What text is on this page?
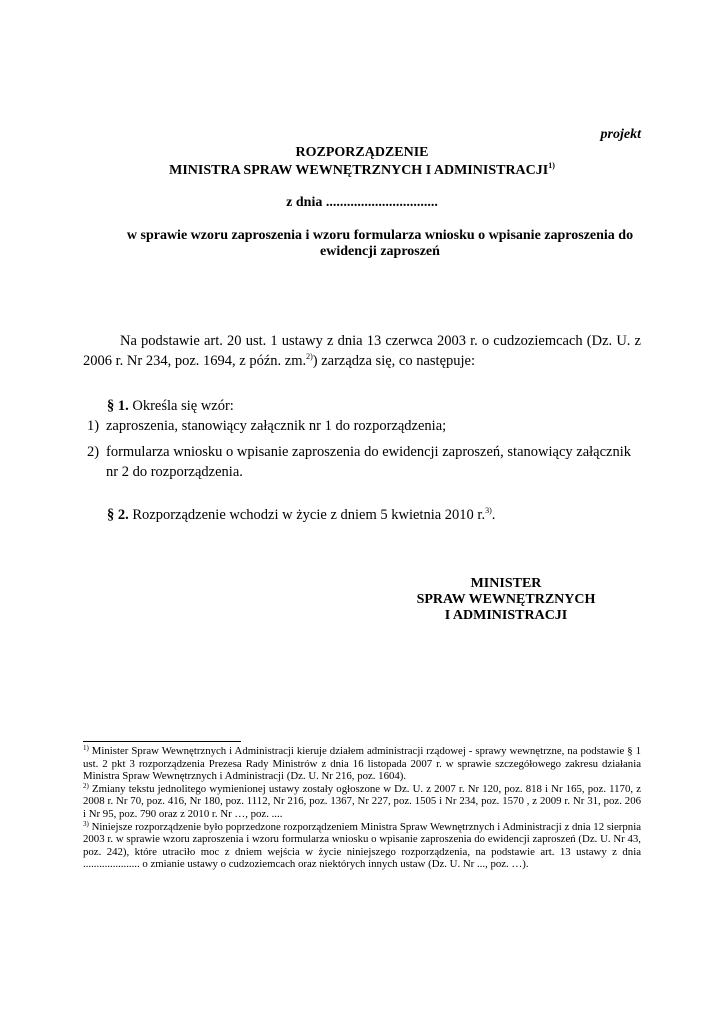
projekt
ROZPORZĄDZENIE
MINISTRA SPRAW WEWNĘTRZNYCH I ADMINISTRACJI$^{1)}$
z dnia ................................
w sprawie wzoru zaproszenia i wzoru formularza wniosku o wpisanie zaproszenia do ewidencji zaproszeń
Na podstawie art. 20 ust. 1 ustawy z dnia 13 czerwca 2003 r. o cudzoziemcach (Dz. U. z 2006 r. Nr 234, poz. 1694, z późn. zm.$^{2)}$) zarządza się, co następuje:
§ 1. Określa się wzór:
1) zaproszenia, stanowiący załącznik nr 1 do rozporządzenia;
2) formularza wniosku o wpisanie zaproszenia do ewidencji zaproszeń, stanowiący załącznik nr 2 do rozporządzenia.
§ 2. Rozporządzenie wchodzi w życie z dniem 5 kwietnia 2010 r.$^{3)}$.
MINISTER
SPRAW WEWNĘTRZNYCH
I ADMINISTRACJI

$^{1)}$ Minister Spraw Wewnętrznych i Administracji kieruje działem administracji rządowej - sprawy wewnętrzne, na podstawie § 1 ust. 2 pkt 3 rozporządzenia Prezesa Rady Ministrów z dnia 16 listopada 2007 r. w sprawie szczegółowego zakresu działania Ministra Spraw Wewnętrznych i Administracji (Dz. U. Nr 216, poz. 1604).

$^{2)}$ Zmiany tekstu jednolitego wymienionej ustawy zostały ogłoszone w Dz. U. z 2007 r. Nr 120, poz. 818 i Nr 165, poz. 1170, z 2008 r. Nr 70, poz. 416, Nr 180, poz. 1112, Nr 216, poz. 1367, Nr 227, poz. 1505 i Nr 234, poz. 1570 , z 2009 r. Nr 31, poz. 206 i Nr 95, poz. 790 oraz z 2010 r. Nr …, poz. ....

$^{3)}$ Niniejsze rozporządzenie było poprzedzone rozporządzeniem Ministra Spraw Wewnętrznych i Administracji z dnia 12 sierpnia 2003 r. w sprawie wzoru zaproszenia i wzoru formularza wniosku o wpisanie zaproszenia do ewidencji zaproszeń (Dz. U. Nr 43, poz. 242), które utraciło moc z dniem wejścia w życie niniejszego rozporządzenia, na podstawie art. 13 ustawy z dnia ..................... o zmianie ustawy o cudzoziemcach oraz niektórych innych ustaw (Dz. U. Nr ..., poz. …).
